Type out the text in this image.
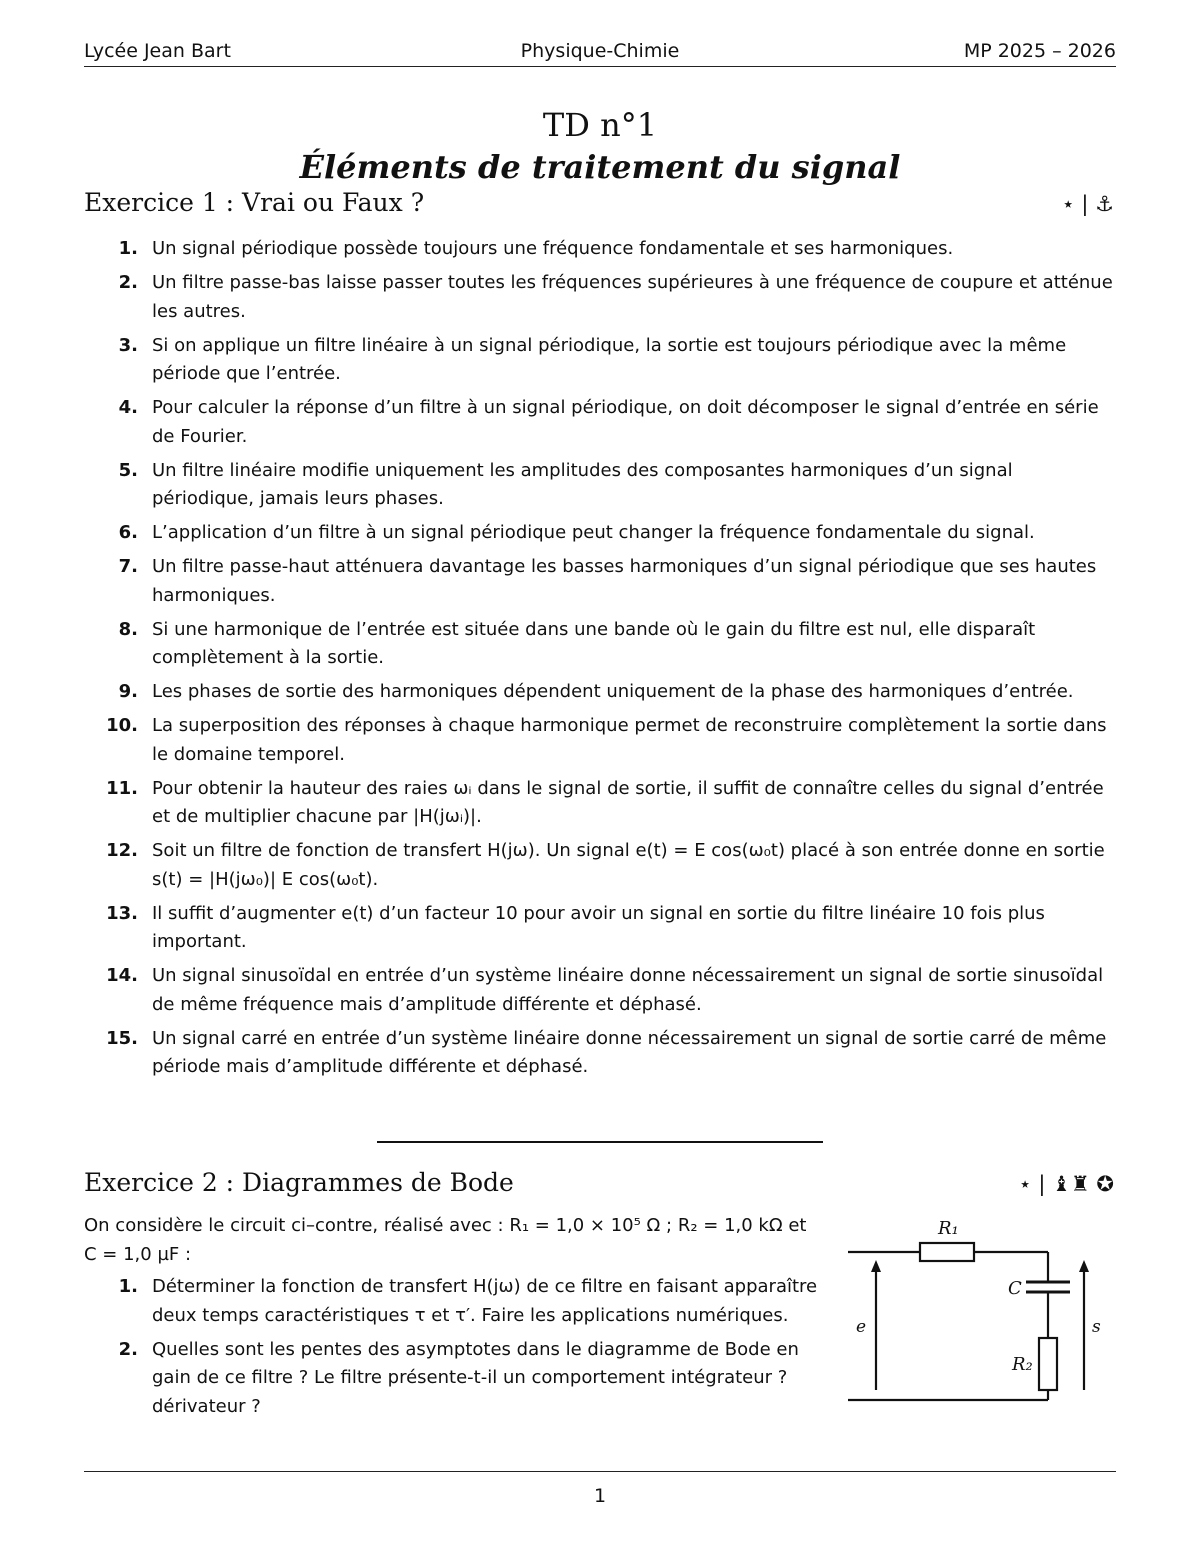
Lycée Jean Bart	Physique-Chimie	MP 2025 – 2026
TD n°1
Éléments de traitement du signal
Exercice 1 : Vrai ou Faux ?	⋆ | ⚓
1. Un signal périodique possède toujours une fréquence fondamentale et ses harmoniques.
2. Un filtre passe-bas laisse passer toutes les fréquences supérieures à une fréquence de coupure et atténue les autres.
3. Si on applique un filtre linéaire à un signal périodique, la sortie est toujours périodique avec la même période que l’entrée.
4. Pour calculer la réponse d’un filtre à un signal périodique, on doit décomposer le signal d’entrée en série de Fourier.
5. Un filtre linéaire modifie uniquement les amplitudes des composantes harmoniques d’un signal périodique, jamais leurs phases.
6. L’application d’un filtre à un signal périodique peut changer la fréquence fondamentale du signal.
7. Un filtre passe-haut atténuera davantage les basses harmoniques d’un signal périodique que ses hautes harmoniques.
8. Si une harmonique de l’entrée est située dans une bande où le gain du filtre est nul, elle disparaît complètement à la sortie.
9. Les phases de sortie des harmoniques dépendent uniquement de la phase des harmoniques d’entrée.
10. La superposition des réponses à chaque harmonique permet de reconstruire complètement la sortie dans le domaine temporel.
11. Pour obtenir la hauteur des raies ωᵢ dans le signal de sortie, il suffit de connaître celles du signal d’entrée et de multiplier chacune par |H(jωᵢ)|.
12. Soit un filtre de fonction de transfert H(jω). Un signal e(t) = E cos(ω₀t) placé à son entrée donne en sortie s(t) = |H(jω₀)| E cos(ω₀t).
13. Il suffit d’augmenter e(t) d’un facteur 10 pour avoir un signal en sortie du filtre linéaire 10 fois plus important.
14. Un signal sinusoïdal en entrée d’un système linéaire donne nécessairement un signal de sortie sinusoïdal de même fréquence mais d’amplitude différente et déphasé.
15. Un signal carré en entrée d’un système linéaire donne nécessairement un signal de sortie carré de même période mais d’amplitude différente et déphasé.
Exercice 2 : Diagrammes de Bode	⋆ | ♝♜ ✪
On considère le circuit ci–contre, réalisé avec : R₁ = 1,0 × 10⁵ Ω ; R₂ = 1,0 kΩ et C = 1,0 µF :
1. Déterminer la fonction de transfert H(jω) de ce filtre en faisant apparaître deux temps caractéristiques τ et τ′. Faire les applications numériques.
2. Quelles sont les pentes des asymptotes dans le diagramme de Bode en gain de ce filtre ? Le filtre présente-t-il un comportement intégrateur ? dérivateur ?
R₁
C
R₂
e	s
1
